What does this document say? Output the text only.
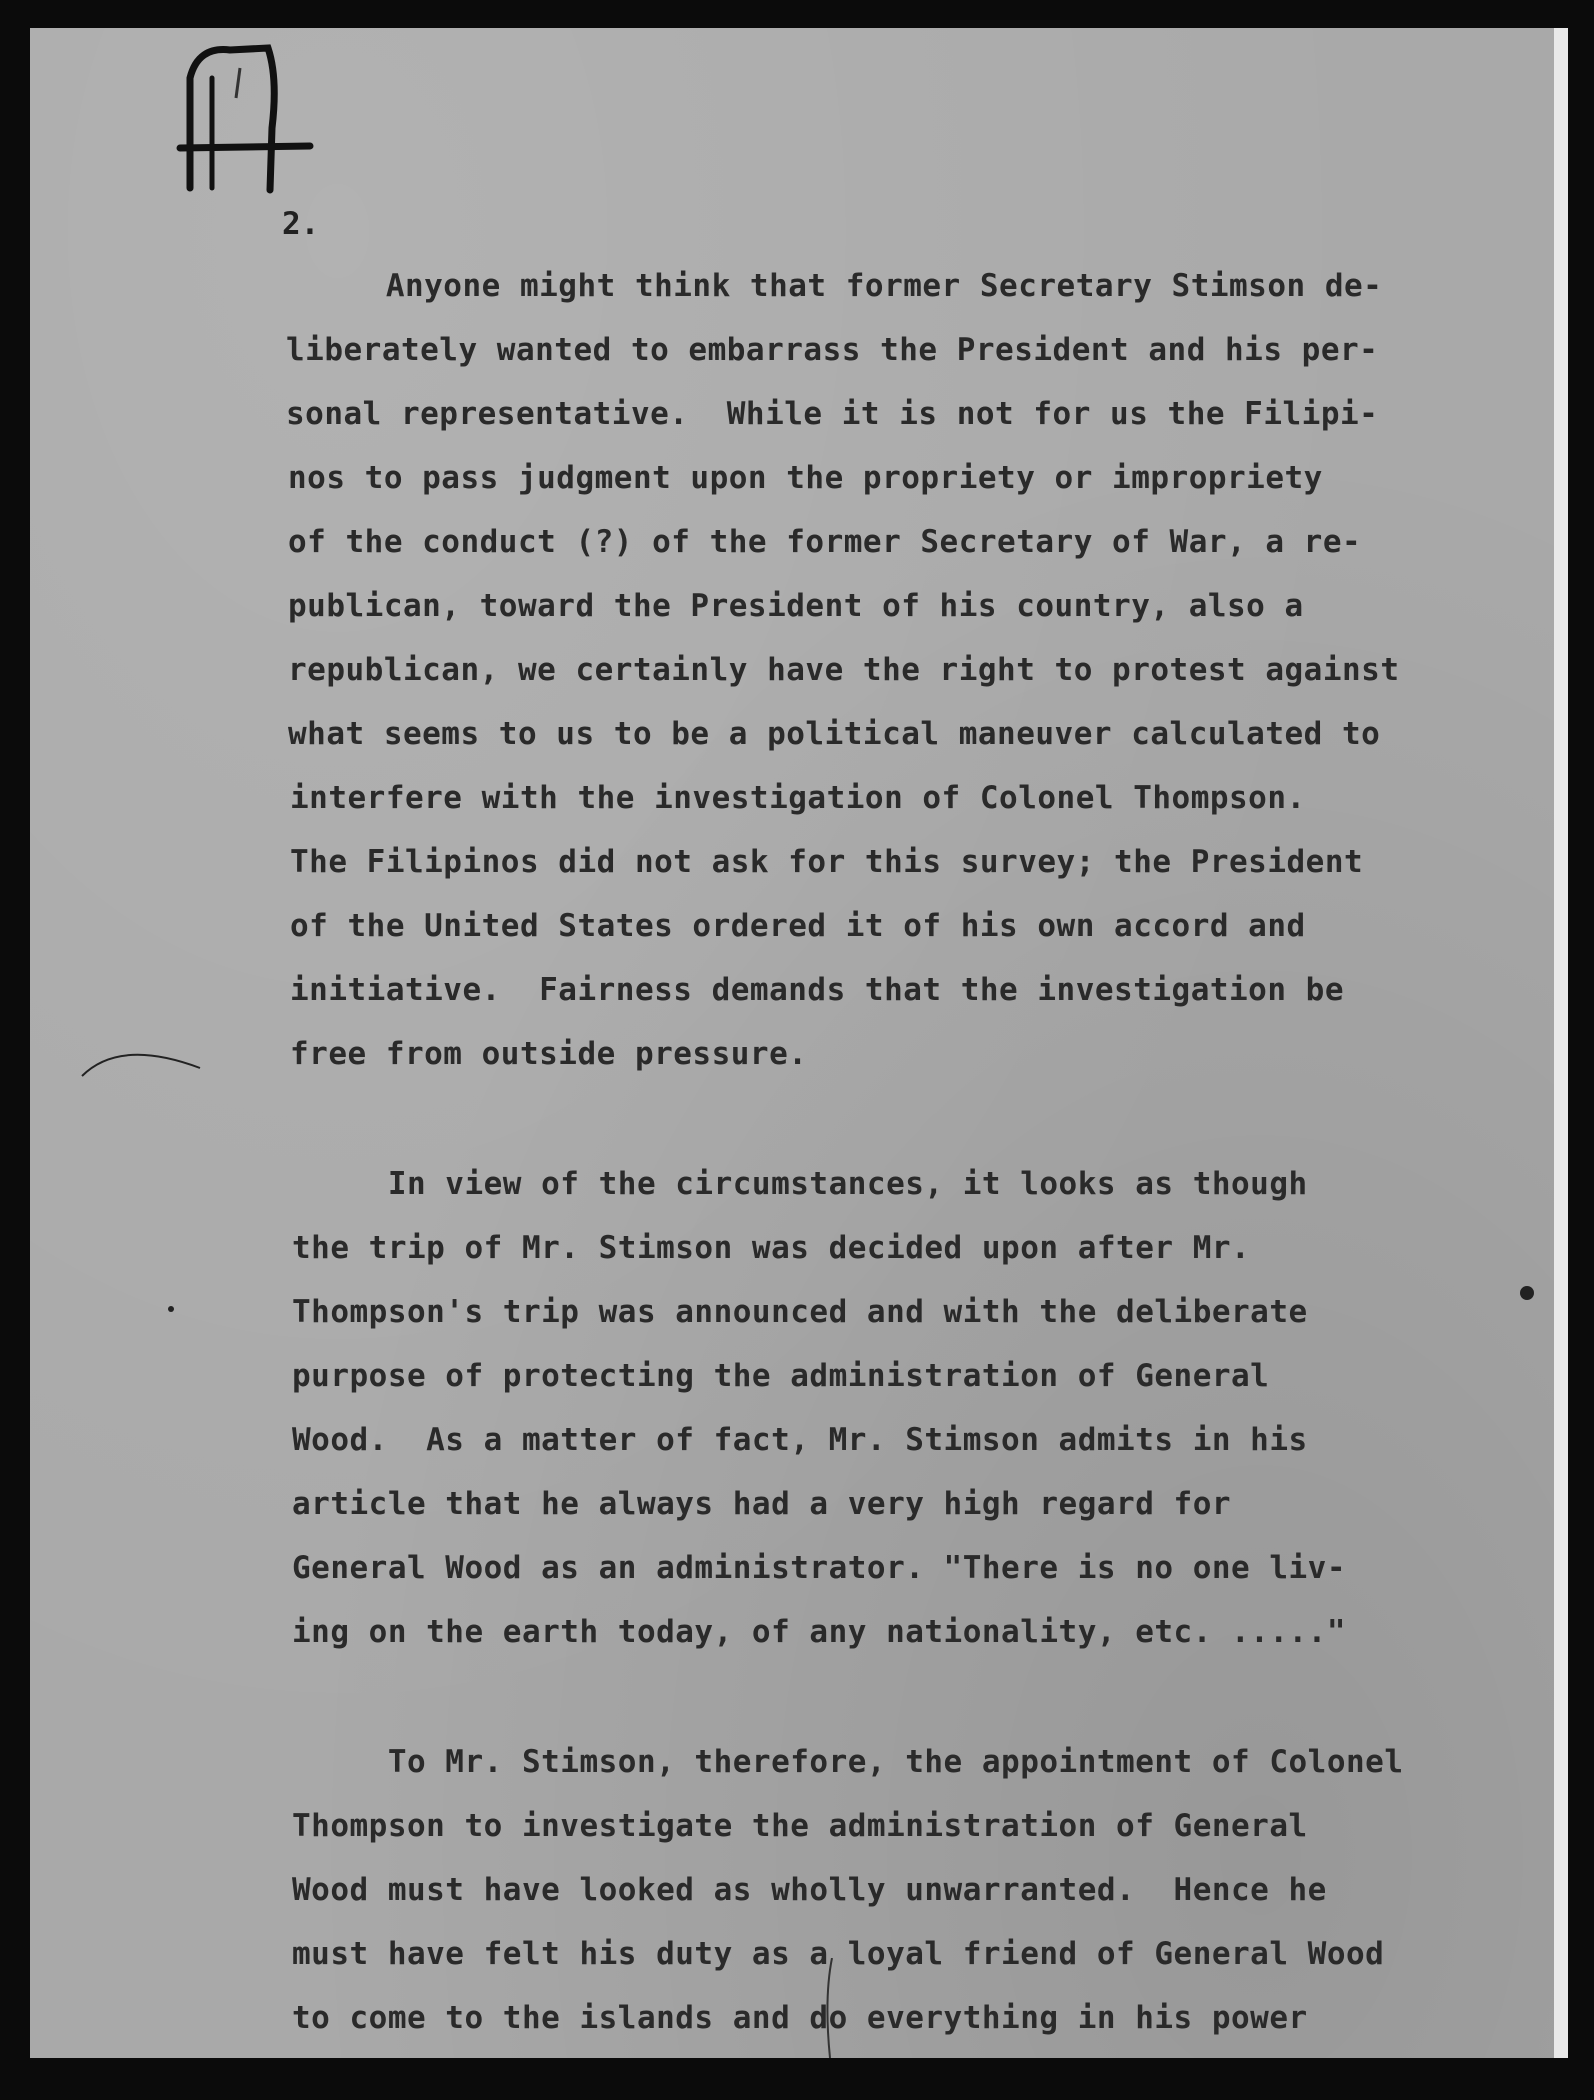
2.
Anyone might think that former Secretary Stimson de-
liberately wanted to embarrass the President and his per-
sonal representative.  While it is not for us the Filipi-
nos to pass judgment upon the propriety or impropriety
of the conduct (?) of the former Secretary of War, a re-
publican, toward the President of his country, also a
republican, we certainly have the right to protest against
what seems to us to be a political maneuver calculated to
interfere with the investigation of Colonel Thompson.
The Filipinos did not ask for this survey; the President
of the United States ordered it of his own accord and
initiative.  Fairness demands that the investigation be
free from outside pressure.
In view of the circumstances, it looks as though
the trip of Mr. Stimson was decided upon after Mr.
Thompson's trip was announced and with the deliberate
purpose of protecting the administration of General
Wood.  As a matter of fact, Mr. Stimson admits in his
article that he always had a very high regard for
General Wood as an administrator. "There is no one liv-
ing on the earth today, of any nationality, etc. ....."
To Mr. Stimson, therefore, the appointment of Colonel
Thompson to investigate the administration of General
Wood must have looked as wholly unwarranted.  Hence he
must have felt his duty as a loyal friend of General Wood
to come to the islands and do everything in his power
